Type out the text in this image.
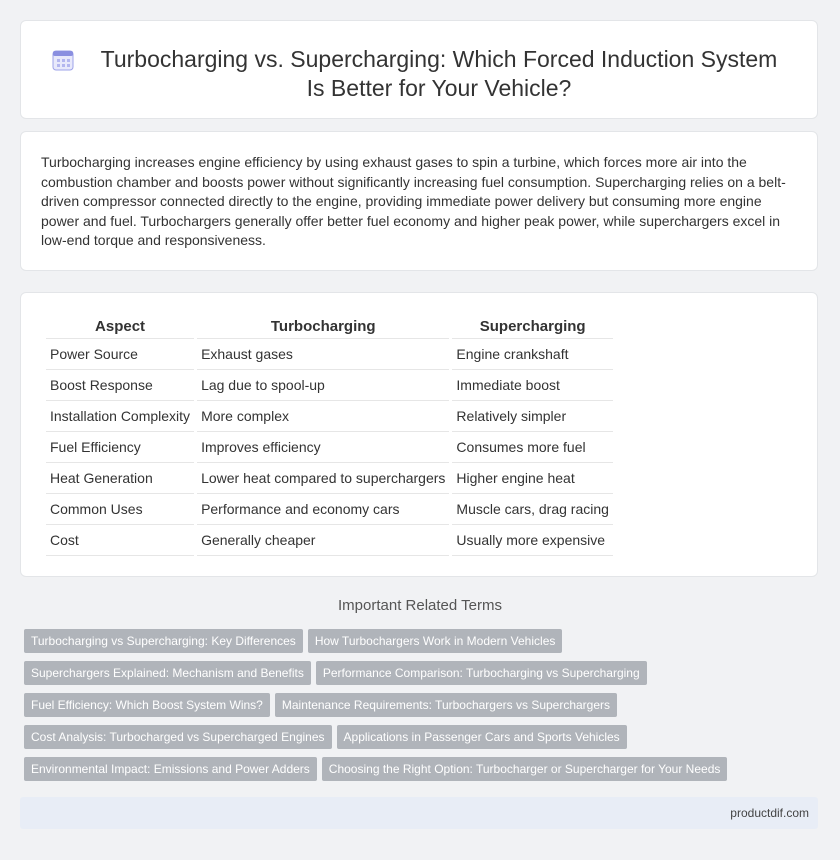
Turbocharging vs. Supercharging: Which Forced Induction System
Is Better for Your Vehicle?

Turbocharging increases engine efficiency by using exhaust gases to spin a turbine, which forces more air into the combustion chamber and boosts power without significantly increasing fuel consumption. Supercharging relies on a belt-driven compressor connected directly to the engine, providing immediate power delivery but consuming more engine power and fuel. Turbochargers generally offer better fuel economy and higher peak power, while superchargers excel in low-end torque and responsiveness.

Aspect	Turbocharging	Supercharging
Power Source	Exhaust gases	Engine crankshaft
Boost Response	Lag due to spool-up	Immediate boost
Installation Complexity	More complex	Relatively simpler
Fuel Efficiency	Improves efficiency	Consumes more fuel
Heat Generation	Lower heat compared to superchargers	Higher engine heat
Common Uses	Performance and economy cars	Muscle cars, drag racing
Cost	Generally cheaper	Usually more expensive
Important Related Terms
Turbocharging vs Supercharging: Key Differences How Turbochargers Work in Modern Vehicles
Superchargers Explained: Mechanism and Benefits Performance Comparison: Turbocharging vs Supercharging
Fuel Efficiency: Which Boost System Wins? Maintenance Requirements: Turbochargers vs Superchargers
Cost Analysis: Turbocharged vs Supercharged Engines Applications in Passenger Cars and Sports Vehicles
Environmental Impact: Emissions and Power Adders Choosing the Right Option: Turbocharger or Supercharger for Your Needs
productdif.com
